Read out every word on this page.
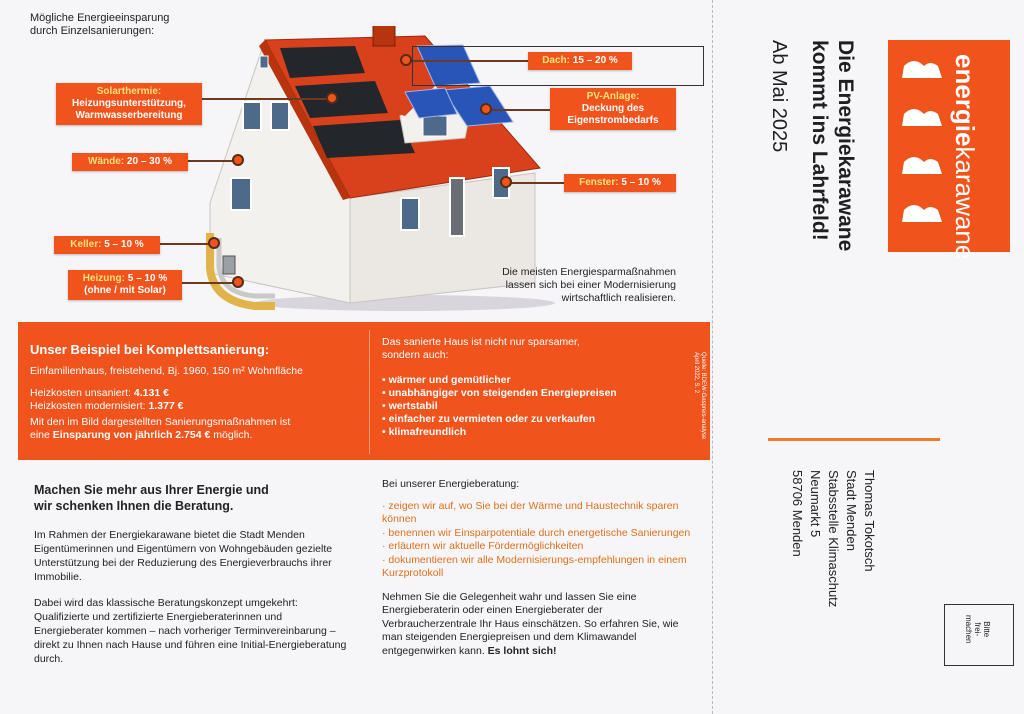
Mögliche Energieeinsparung
durch Einzelsanierungen:
Solarthermie:
Heizungsunterstützung,
Warmwasserbereitung
Wände: 20 – 30 %
Keller: 5 – 10 %
Heizung: 5 – 10 %
(ohne / mit Solar)
Dach: 15 – 20 %
PV-Anlage:
Deckung des
Eigenstrombedarfs
Fenster: 5 – 10 %
Die meisten Energiesparmaßnahmen
lassen sich bei einer Modernisierung
wirtschaftlich realisieren.
Unser Beispiel bei Komplettsanierung:
Einfamilienhaus, freistehend, Bj. 1960, 150 m² Wohnfläche
Heizkosten unsaniert: 4.131 €
Heizkosten modernisiert: 1.377 €
Mit den im Bild dargestellten Sanierungsmaßnahmen ist
eine Einsparung von jährlich 2.754 € möglich.
Das sanierte Haus ist nicht nur sparsamer,
sondern auch:
• wärmer und gemütlicher
• unabhängiger von steigenden Energiepreisen
• wertstabil
• einfacher zu vermieten oder zu verkaufen
• klimafreundlich	Quelle: BDEW-Gaspreis-analyse April 2022, S. 2
Machen Sie mehr aus Ihrer Energie und
wir schenken Ihnen die Beratung.

Im Rahmen der Energiekarawane bietet die Stadt Menden Eigentümerinnen und Eigentümern von Wohngebäuden gezielte Unterstützung bei der Reduzierung des Energieverbrauchs ihrer Immobilie.

Dabei wird das klassische Beratungskonzept umgekehrt: Qualifizierte und zertifizierte Energieberaterinnen und Energieberater kommen – nach vorheriger Terminvereinbarung – direkt zu Ihnen nach Hause und führen eine Initial-Energieberatung durch.

Bei unserer Energieberatung:
· zeigen wir auf, wo Sie bei der Wärme und Haustechnik sparen können
· benennen wir Einsparpotentiale durch energetische Sanierungen
· erläutern wir aktuelle Fördermöglichkeiten
· dokumentieren wir alle Modernisierungs-empfehlungen in einem Kurzprotokoll

Nehmen Sie die Gelegenheit wahr und lassen Sie eine Energieberaterin oder einen Energieberater der Verbraucherzentrale Ihr Haus einschätzen. So erfahren Sie, wie man steigenden Energiepreisen und dem Klimawandel entgegenwirken kann. Es lohnt sich!

energiekarawane
Die Energiekarawane
kommt ins Lahrfeld!
Ab Mai 2025
Thomas Tokotsch
Stadt Menden
Stabsstelle Klimaschutz
Neumarkt 5
58706 Menden
Bitte
frei-
machen
